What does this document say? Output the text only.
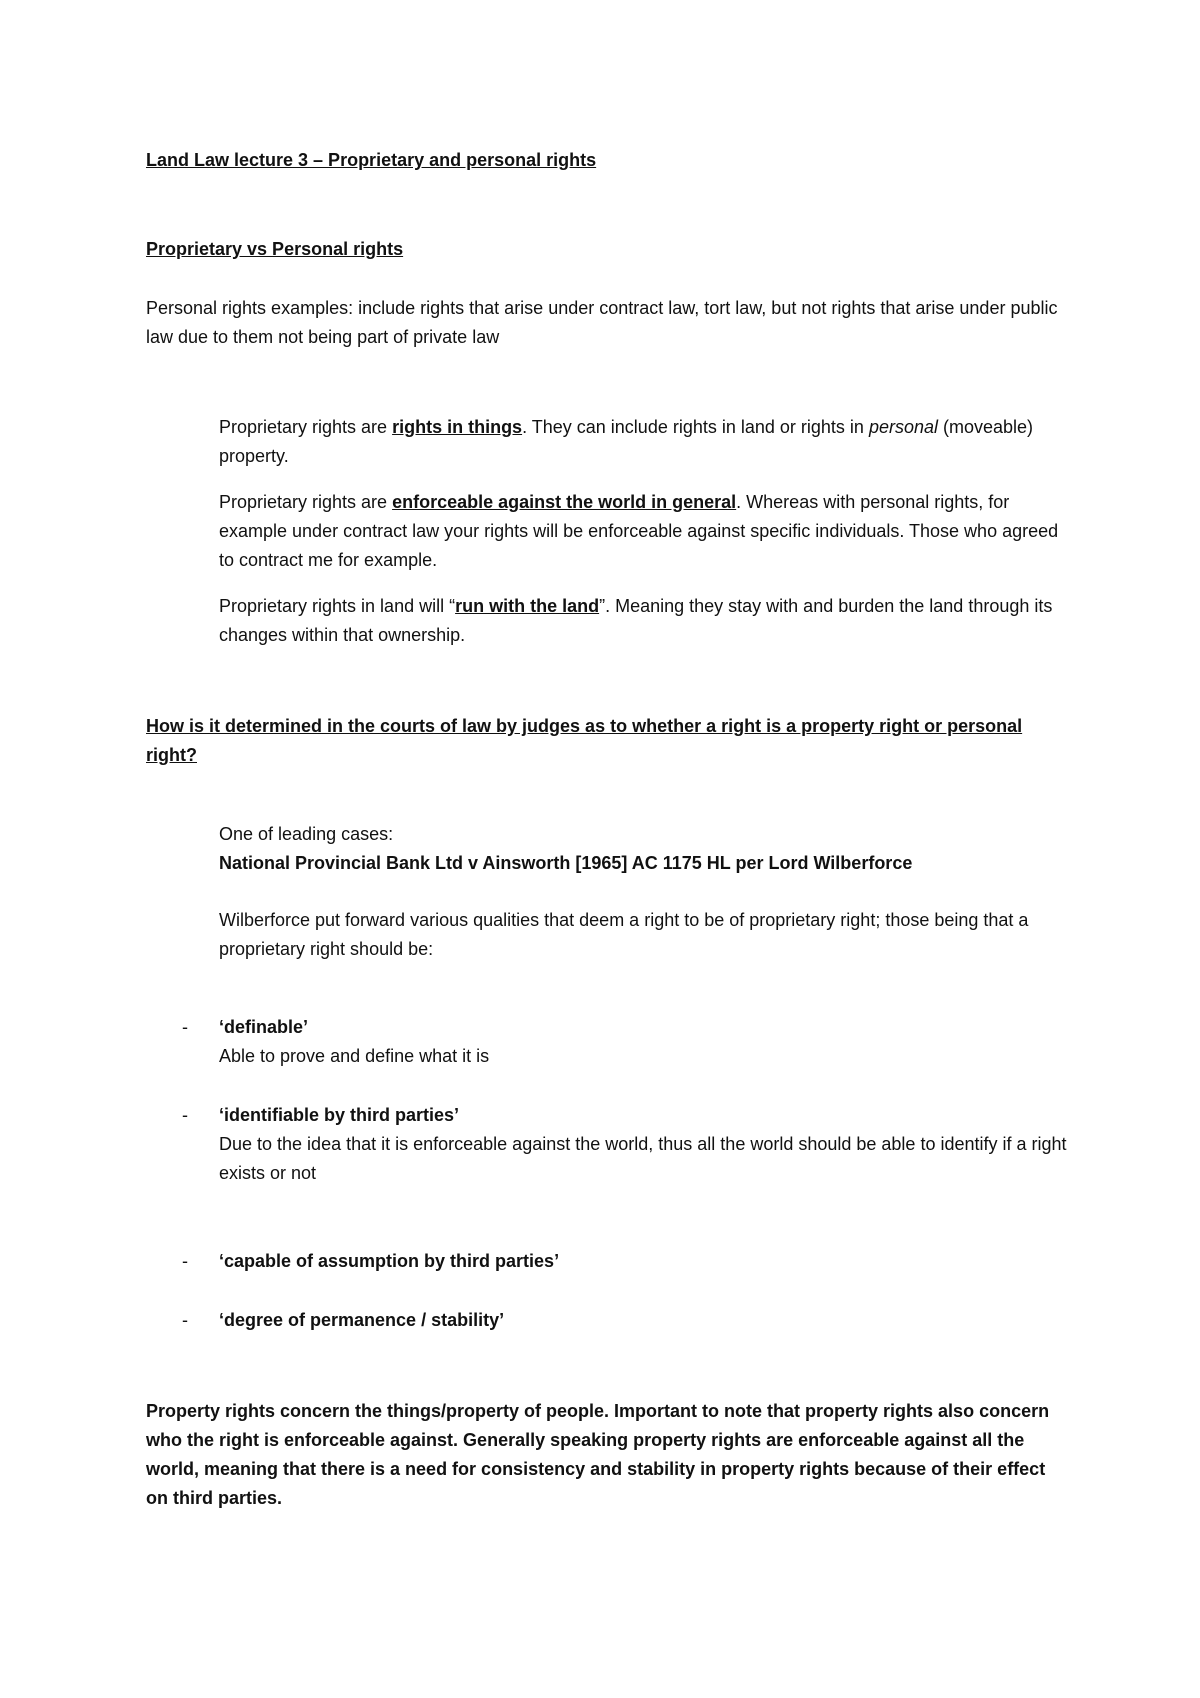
Land Law lecture 3 – Proprietary and personal rights

Proprietary vs Personal rights

Personal rights examples: include rights that arise under contract law, tort law, but not rights that arise under public law due to them not being part of private law

Proprietary rights are rights in things. They can include rights in land or rights in personal (moveable) property.

Proprietary rights are enforceable against the world in general. Whereas with personal rights, for example under contract law your rights will be enforceable against specific individuals. Those who agreed to contract me for example.

Proprietary rights in land will “run with the land”. Meaning they stay with and burden the land through its changes within that ownership.

How is it determined in the courts of law by judges as to whether a right is a property right or personal right?

One of leading cases:

National Provincial Bank Ltd v Ainsworth [1965] AC 1175 HL per Lord Wilberforce

Wilberforce put forward various qualities that deem a right to be of proprietary right; those being that a proprietary right should be:

-	‘definable’

Able to prove and define what it is

-	‘identifiable by third parties’

Due to the idea that it is enforceable against the world, thus all the world should be able to identify if a right exists or not

-	‘capable of assumption by third parties’

-	‘degree of permanence / stability’

Property rights concern the things/property of people. Important to note that property rights also concern who the right is enforceable against. Generally speaking property rights are enforceable against all the world, meaning that there is a need for consistency and stability in property rights because of their effect on third parties.
